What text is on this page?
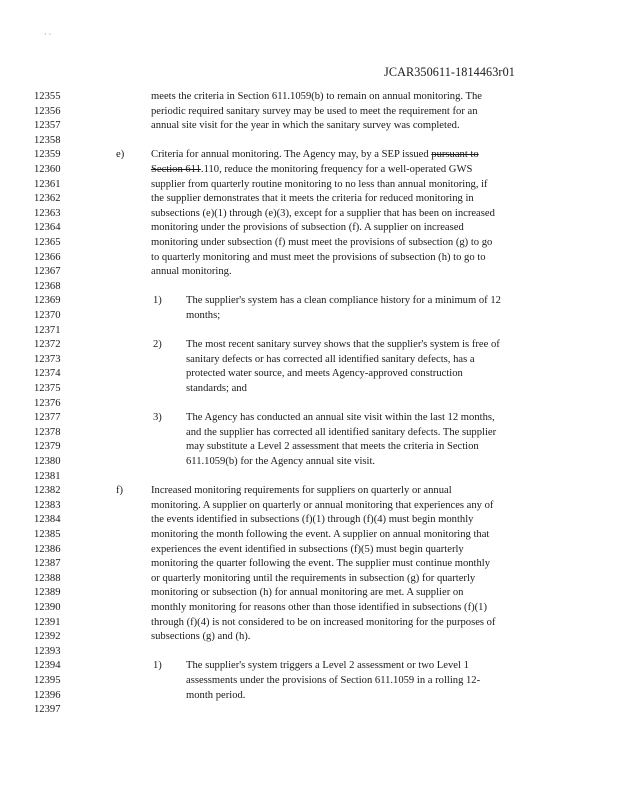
· ·
JCAR350611-1814463r01
12355	meets the criteria in Section 611.1059(b) to remain on annual monitoring. The
12356	periodic required sanitary survey may be used to meet the requirement for an
12357	annual site visit for the year in which the sanitary survey was completed.
12358
12359	e)	Criteria for annual monitoring. The Agency may, by a SEP issued pursuant to
12360	Section 611.110, reduce the monitoring frequency for a well-operated GWS
12361	supplier from quarterly routine monitoring to no less than annual monitoring, if
12362	the supplier demonstrates that it meets the criteria for reduced monitoring in
12363	subsections (e)(1) through (e)(3), except for a supplier that has been on increased
12364	monitoring under the provisions of subsection (f). A supplier on increased
12365	monitoring under subsection (f) must meet the provisions of subsection (g) to go
12366	to quarterly monitoring and must meet the provisions of subsection (h) to go to
12367	annual monitoring.
12368
12369	1) The supplier's system has a clean compliance history for a minimum of 12
12370	months;
12371
12372	2) The most recent sanitary survey shows that the supplier's system is free of
12373	sanitary defects or has corrected all identified sanitary defects, has a
12374	protected water source, and meets Agency-approved construction
12375	standards; and
12376
12377	3) The Agency has conducted an annual site visit within the last 12 months,
12378	and the supplier has corrected all identified sanitary defects. The supplier
12379	may substitute a Level 2 assessment that meets the criteria in Section
12380	611.1059(b) for the Agency annual site visit.
12381
12382	f)	Increased monitoring requirements for suppliers on quarterly or annual
12383	monitoring. A supplier on quarterly or annual monitoring that experiences any of
12384	the events identified in subsections (f)(1) through (f)(4) must begin monthly
12385	monitoring the month following the event. A supplier on annual monitoring that
12386	experiences the event identified in subsections (f)(5) must begin quarterly
12387	monitoring the quarter following the event. The supplier must continue monthly
12388	or quarterly monitoring until the requirements in subsection (g) for quarterly
12389	monitoring or subsection (h) for annual monitoring are met. A supplier on
12390	monthly monitoring for reasons other than those identified in subsections (f)(1)
12391	through (f)(4) is not considered to be on increased monitoring for the purposes of
12392	subsections (g) and (h).
12393
12394	1) The supplier's system triggers a Level 2 assessment or two Level 1
12395	assessments under the provisions of Section 611.1059 in a rolling 12-
12396	month period.
12397
